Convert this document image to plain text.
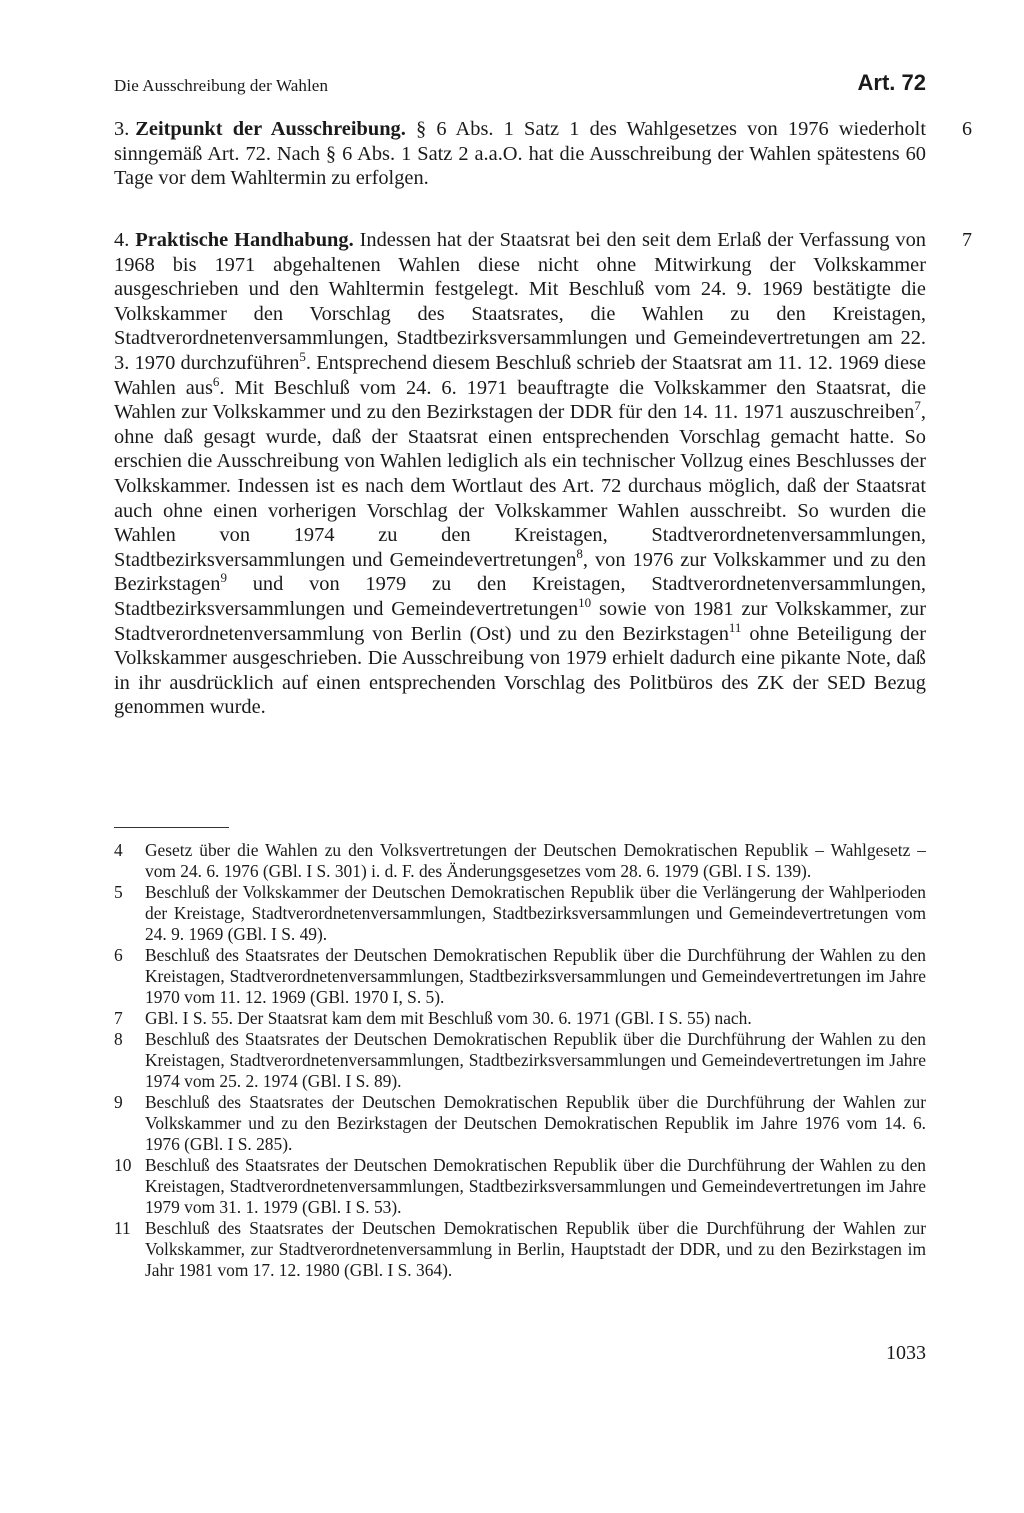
Die Ausschreibung der Wahlen	Art. 72
6
3. Zeitpunkt der Ausschreibung. § 6 Abs. 1 Satz 1 des Wahlgesetzes von 1976 wiederholt sinngemäß Art. 72. Nach § 6 Abs. 1 Satz 2 a.a.O. hat die Ausschreibung der Wahlen spätestens 60 Tage vor dem Wahltermin zu erfolgen.
7
4. Praktische Handhabung. Indessen hat der Staatsrat bei den seit dem Erlaß der Verfassung von 1968 bis 1971 abgehaltenen Wahlen diese nicht ohne Mitwirkung der Volkskammer ausgeschrieben und den Wahltermin festgelegt. Mit Beschluß vom 24. 9. 1969 bestätigte die Volkskammer den Vorschlag des Staatsrates, die Wahlen zu den Kreistagen, Stadtverordnetenversammlungen, Stadtbezirksversammlungen und Gemeindevertretungen am 22. 3. 1970 durchzuführen$^5$. Entsprechend diesem Beschluß schrieb der Staatsrat am 11. 12. 1969 diese Wahlen aus$^6$. Mit Beschluß vom 24. 6. 1971 beauftragte die Volkskammer den Staatsrat, die Wahlen zur Volkskammer und zu den Bezirkstagen der DDR für den 14. 11. 1971 auszuschreiben$^7$, ohne daß gesagt wurde, daß der Staatsrat einen entsprechenden Vorschlag gemacht hatte. So erschien die Ausschreibung von Wahlen lediglich als ein technischer Vollzug eines Beschlusses der Volkskammer. Indessen ist es nach dem Wortlaut des Art. 72 durchaus möglich, daß der Staatsrat auch ohne einen vorherigen Vorschlag der Volkskammer Wahlen ausschreibt. So wurden die Wahlen von 1974 zu den Kreistagen, Stadtverordnetenversammlungen, Stadtbezirksversammlungen und Gemeindevertretungen$^8$, von 1976 zur Volkskammer und zu den Bezirkstagen$^9$ und von 1979 zu den Kreistagen, Stadtverordnetenversammlungen, Stadtbezirksversammlungen und Gemeindevertretungen$^{10}$ sowie von 1981 zur Volkskammer, zur Stadtverordnetenversammlung von Berlin (Ost) und zu den Bezirkstagen$^{11}$ ohne Beteiligung der Volkskammer ausgeschrieben. Die Ausschreibung von 1979 erhielt dadurch eine pikante Note, daß in ihr ausdrücklich auf einen entsprechenden Vorschlag des Politbüros des ZK der SED Bezug genommen wurde.
4	Gesetz über die Wahlen zu den Volksvertretungen der Deutschen Demokratischen Republik – Wahlgesetz – vom 24. 6. 1976 (GBl. I S. 301) i. d. F. des Änderungsgesetzes vom 28. 6. 1979 (GBl. I S. 139).
5	Beschluß der Volkskammer der Deutschen Demokratischen Republik über die Verlängerung der Wahlperioden der Kreistage, Stadtverordnetenversammlungen, Stadtbezirksversammlungen und Gemeindevertretungen vom 24. 9. 1969 (GBl. I S. 49).
6	Beschluß des Staatsrates der Deutschen Demokratischen Republik über die Durchführung der Wahlen zu den Kreistagen, Stadtverordnetenversammlungen, Stadtbezirksversammlungen und Gemeindevertretungen im Jahre 1970 vom 11. 12. 1969 (GBl. 1970 I, S. 5).
7	GBl. I S. 55. Der Staatsrat kam dem mit Beschluß vom 30. 6. 1971 (GBl. I S. 55) nach.
8	Beschluß des Staatsrates der Deutschen Demokratischen Republik über die Durchführung der Wahlen zu den Kreistagen, Stadtverordnetenversammlungen, Stadtbezirksversammlungen und Gemeindevertretungen im Jahre 1974 vom 25. 2. 1974 (GBl. I S. 89).
9	Beschluß des Staatsrates der Deutschen Demokratischen Republik über die Durchführung der Wahlen zur Volkskammer und zu den Bezirkstagen der Deutschen Demokratischen Republik im Jahre 1976 vom 14. 6. 1976 (GBl. I S. 285).
10 Beschluß des Staatsrates der Deutschen Demokratischen Republik über die Durchführung der Wahlen zu den Kreistagen, Stadtverordnetenversammlungen, Stadtbezirksversammlungen und Gemeindevertretungen im Jahre 1979 vom 31. 1. 1979 (GBl. I S. 53).
11 Beschluß des Staatsrates der Deutschen Demokratischen Republik über die Durchführung der Wahlen zur Volkskammer, zur Stadtverordnetenversammlung in Berlin, Hauptstadt der DDR, und zu den Bezirkstagen im Jahr 1981 vom 17. 12. 1980 (GBl. I S. 364).
1033
